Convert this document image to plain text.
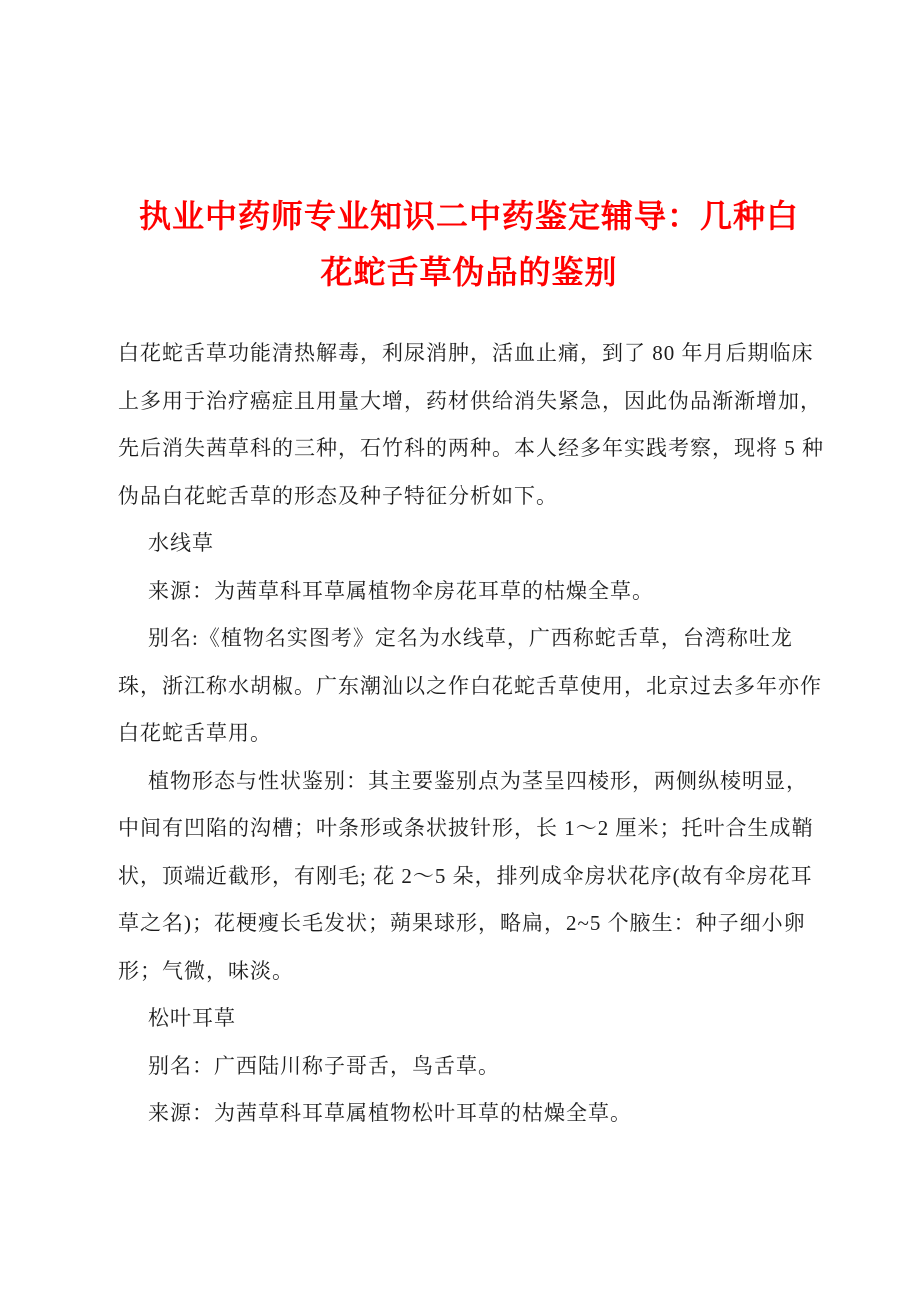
执业中药师专业知识二中药鉴定辅导：几种白
花蛇舌草伪品的鉴别
白花蛇舌草功能清热解毒，利尿消肿，活血止痛，到了 80 年月后期临床
上多用于治疗癌症且用量大增，药材供给消失紧急，因此伪品渐渐增加，
先后消失茜草科的三种，石竹科的两种。本人经多年实践考察，现将 5 种
伪品白花蛇舌草的形态及种子特征分析如下。
水线草
来源：为茜草科耳草属植物伞房花耳草的枯燥全草。
别名:《植物名实图考》定名为水线草，广西称蛇舌草，台湾称吐龙
珠，浙江称水胡椒。广东潮汕以之作白花蛇舌草使用，北京过去多年亦作
白花蛇舌草用。
植物形态与性状鉴别：其主要鉴别点为茎呈四棱形，两侧纵棱明显，
中间有凹陷的沟槽；叶条形或条状披针形，长 1～2 厘米；托叶合生成鞘
状，顶端近截形，有刚毛; 花 2～5 朵，排列成伞房状花序(故有伞房花耳
草之名)；花梗瘦长毛发状；蒴果球形，略扁，2~5 个腋生：种子细小卵
形；气微，味淡。
松叶耳草
别名：广西陆川称子哥舌，鸟舌草。
来源：为茜草科耳草属植物松叶耳草的枯燥全草。
